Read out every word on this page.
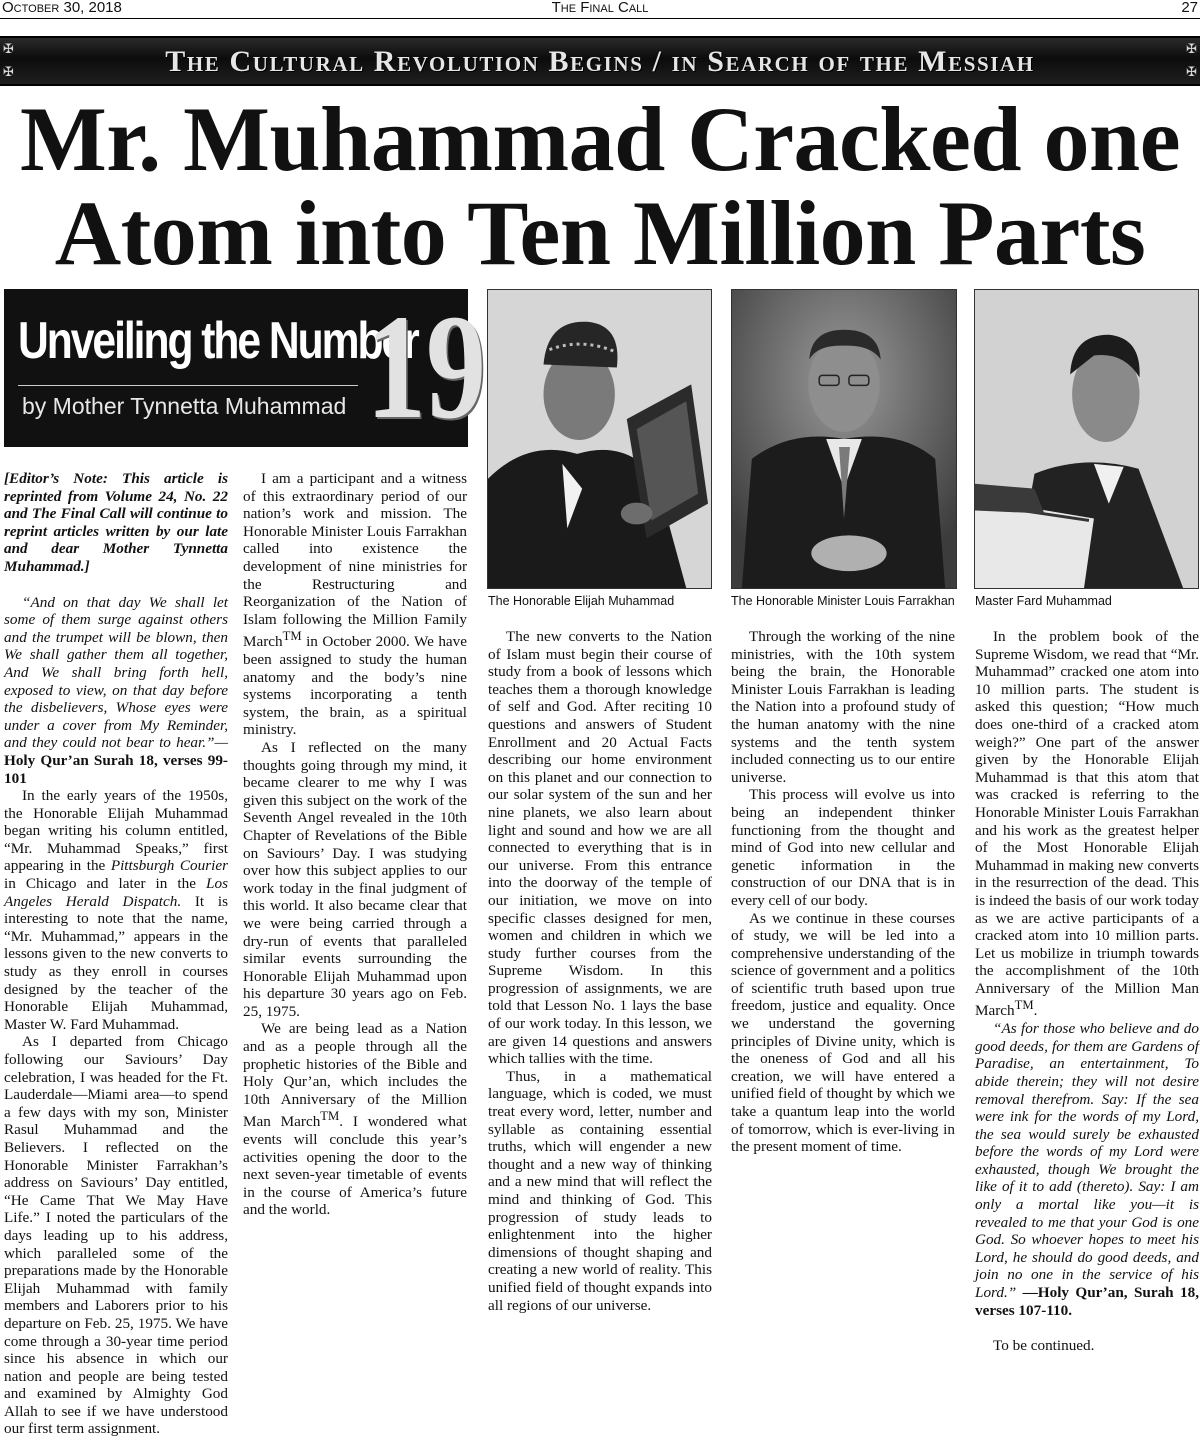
October 30, 2018	The Final Call	27
✠
✠
✠
✠
The Cultural Revolution Begins / in Search of the Messiah
Mr. Muhammad Cracked one
Atom into Ten Million Parts
Unveiling the Number
by Mother Tynnetta Muhammad 19
The Honorable Elijah Muhammad	The Honorable Minister Louis Farrakhan Master Fard Muhammad

[Editor’s Note: This article is reprinted from Volume 24, No. 22 and The Final Call will continue to reprint articles written by our late and dear Mother Tynnetta Muhammad.]

“And on that day We shall let some of them surge against others and the trumpet will be blown, then We shall gather them all together, And We shall bring forth hell, exposed to view, on that day before the disbelievers, Whose eyes were under a cover from My Reminder, and they could not bear to hear.”—Holy Qur’an Surah 18, verses 99-101

In the early years of the 1950s, the Honorable Elijah Muhammad began writing his column entitled, “Mr. Muhammad Speaks,” first appearing in the Pittsburgh Courier in Chicago and later in the Los Angeles Herald Dispatch. It is interesting to note that the name, “Mr. Muhammad,” appears in the lessons given to the new converts to study as they enroll in courses designed by the teacher of the Honorable Elijah Muhammad, Master W. Fard Muhammad.

As I departed from Chicago following our Saviours’ Day celebration, I was headed for the Ft. Lauderdale—Miami area—to spend a few days with my son, Minister Rasul Muhammad and the Believers. I reflected on the Honorable Minister Farrakhan’s address on Saviours’ Day entitled, “He Came That We May Have Life.” I noted the particulars of the days leading up to his address, which paralleled some of the preparations made by the Honorable Elijah Muhammad with family members and Laborers prior to his departure on Feb. 25, 1975. We have come through a 30-year time period since his absence in which our nation and people are being tested and examined by Almighty God Allah to see if we have understood our first term assignment.

I am a participant and a witness of this extraordinary period of our nation’s work and mission. The Honorable Minister Louis Farrakhan called into existence the development of nine ministries for the Restructuring and Reorganization of the Nation of Islam following the Million Family March™ in October 2000. We have been assigned to study the human anatomy and the body’s nine systems incorporating a tenth system, the brain, as a spiritual ministry.

As I reflected on the many thoughts going through my mind, it became clearer to me why I was given this subject on the work of the Seventh Angel revealed in the 10th Chapter of Revelations of the Bible on Saviours’ Day. I was studying over how this subject applies to our work today in the final judgment of this world. It also became clear that we were being carried through a dry-run of events that paralleled similar events surrounding the Honorable Elijah Muhammad upon his departure 30 years ago on Feb. 25, 1975.

We are being lead as a Nation and as a people through all the prophetic histories of the Bible and Holy Qur’an, which includes the 10th Anniversary of the Million Man March™. I wondered what events will conclude this year’s activities opening the door to the next seven-year timetable of events in the course of America’s future and the world.

The new converts to the Nation of Islam must begin their course of study from a book of lessons which teaches them a thorough knowledge of self and God. After reciting 10 questions and answers of Student Enrollment and 20 Actual Facts describing our home environment on this planet and our connection to our solar system of the sun and her nine planets, we also learn about light and sound and how we are all connected to everything that is in our universe. From this entrance into the doorway of the temple of our initiation, we move on into specific classes designed for men, women and children in which we study further courses from the Supreme Wisdom. In this progression of assignments, we are told that Lesson No. 1 lays the base of our work today. In this lesson, we are given 14 questions and answers which tallies with the time.

Thus, in a mathematical language, which is coded, we must treat every word, letter, number and syllable as containing essential truths, which will engender a new thought and a new way of thinking and a new mind that will reflect the mind and thinking of God. This progression of study leads to enlightenment into the higher dimensions of thought shaping and creating a new world of reality. This unified field of thought expands into all regions of our universe.

Through the working of the nine ministries, with the 10th system being the brain, the Honorable Minister Louis Farrakhan is leading the Nation into a profound study of the human anatomy with the nine systems and the tenth system included connecting us to our entire universe.

This process will evolve us into being an independent thinker functioning from the thought and mind of God into new cellular and genetic information in the construction of our DNA that is in every cell of our body.

As we continue in these courses of study, we will be led into a comprehensive understanding of the science of government and a politics of scientific truth based upon true freedom, justice and equality. Once we understand the governing principles of Divine unity, which is the oneness of God and all his creation, we will have entered a unified field of thought by which we take a quantum leap into the world of tomorrow, which is ever-living in the present moment of time.

In the problem book of the Supreme Wisdom, we read that “Mr. Muhammad” cracked one atom into 10 million parts. The student is asked this question; “How much does one-third of a cracked atom weigh?” One part of the answer given by the Honorable Elijah Muhammad is that this atom that was cracked is referring to the Honorable Minister Louis Farrakhan and his work as the greatest helper of the Most Honorable Elijah Muhammad in making new converts in the resurrection of the dead. This is indeed the basis of our work today as we are active participants of a cracked atom into 10 million parts. Let us mobilize in triumph towards the accomplishment of the 10th Anniversary of the Million Man March™.

“As for those who believe and do good deeds, for them are Gardens of Paradise, an entertainment, To abide therein; they will not desire removal therefrom. Say: If the sea were ink for the words of my Lord, the sea would surely be exhausted before the words of my Lord were exhausted, though We brought the like of it to add (thereto). Say: I am only a mortal like you—it is revealed to me that your God is one God. So whoever hopes to meet his Lord, he should do good deeds, and join no one in the service of his Lord.” —Holy Qur’an, Surah 18, verses 107-110.

To be continued.
